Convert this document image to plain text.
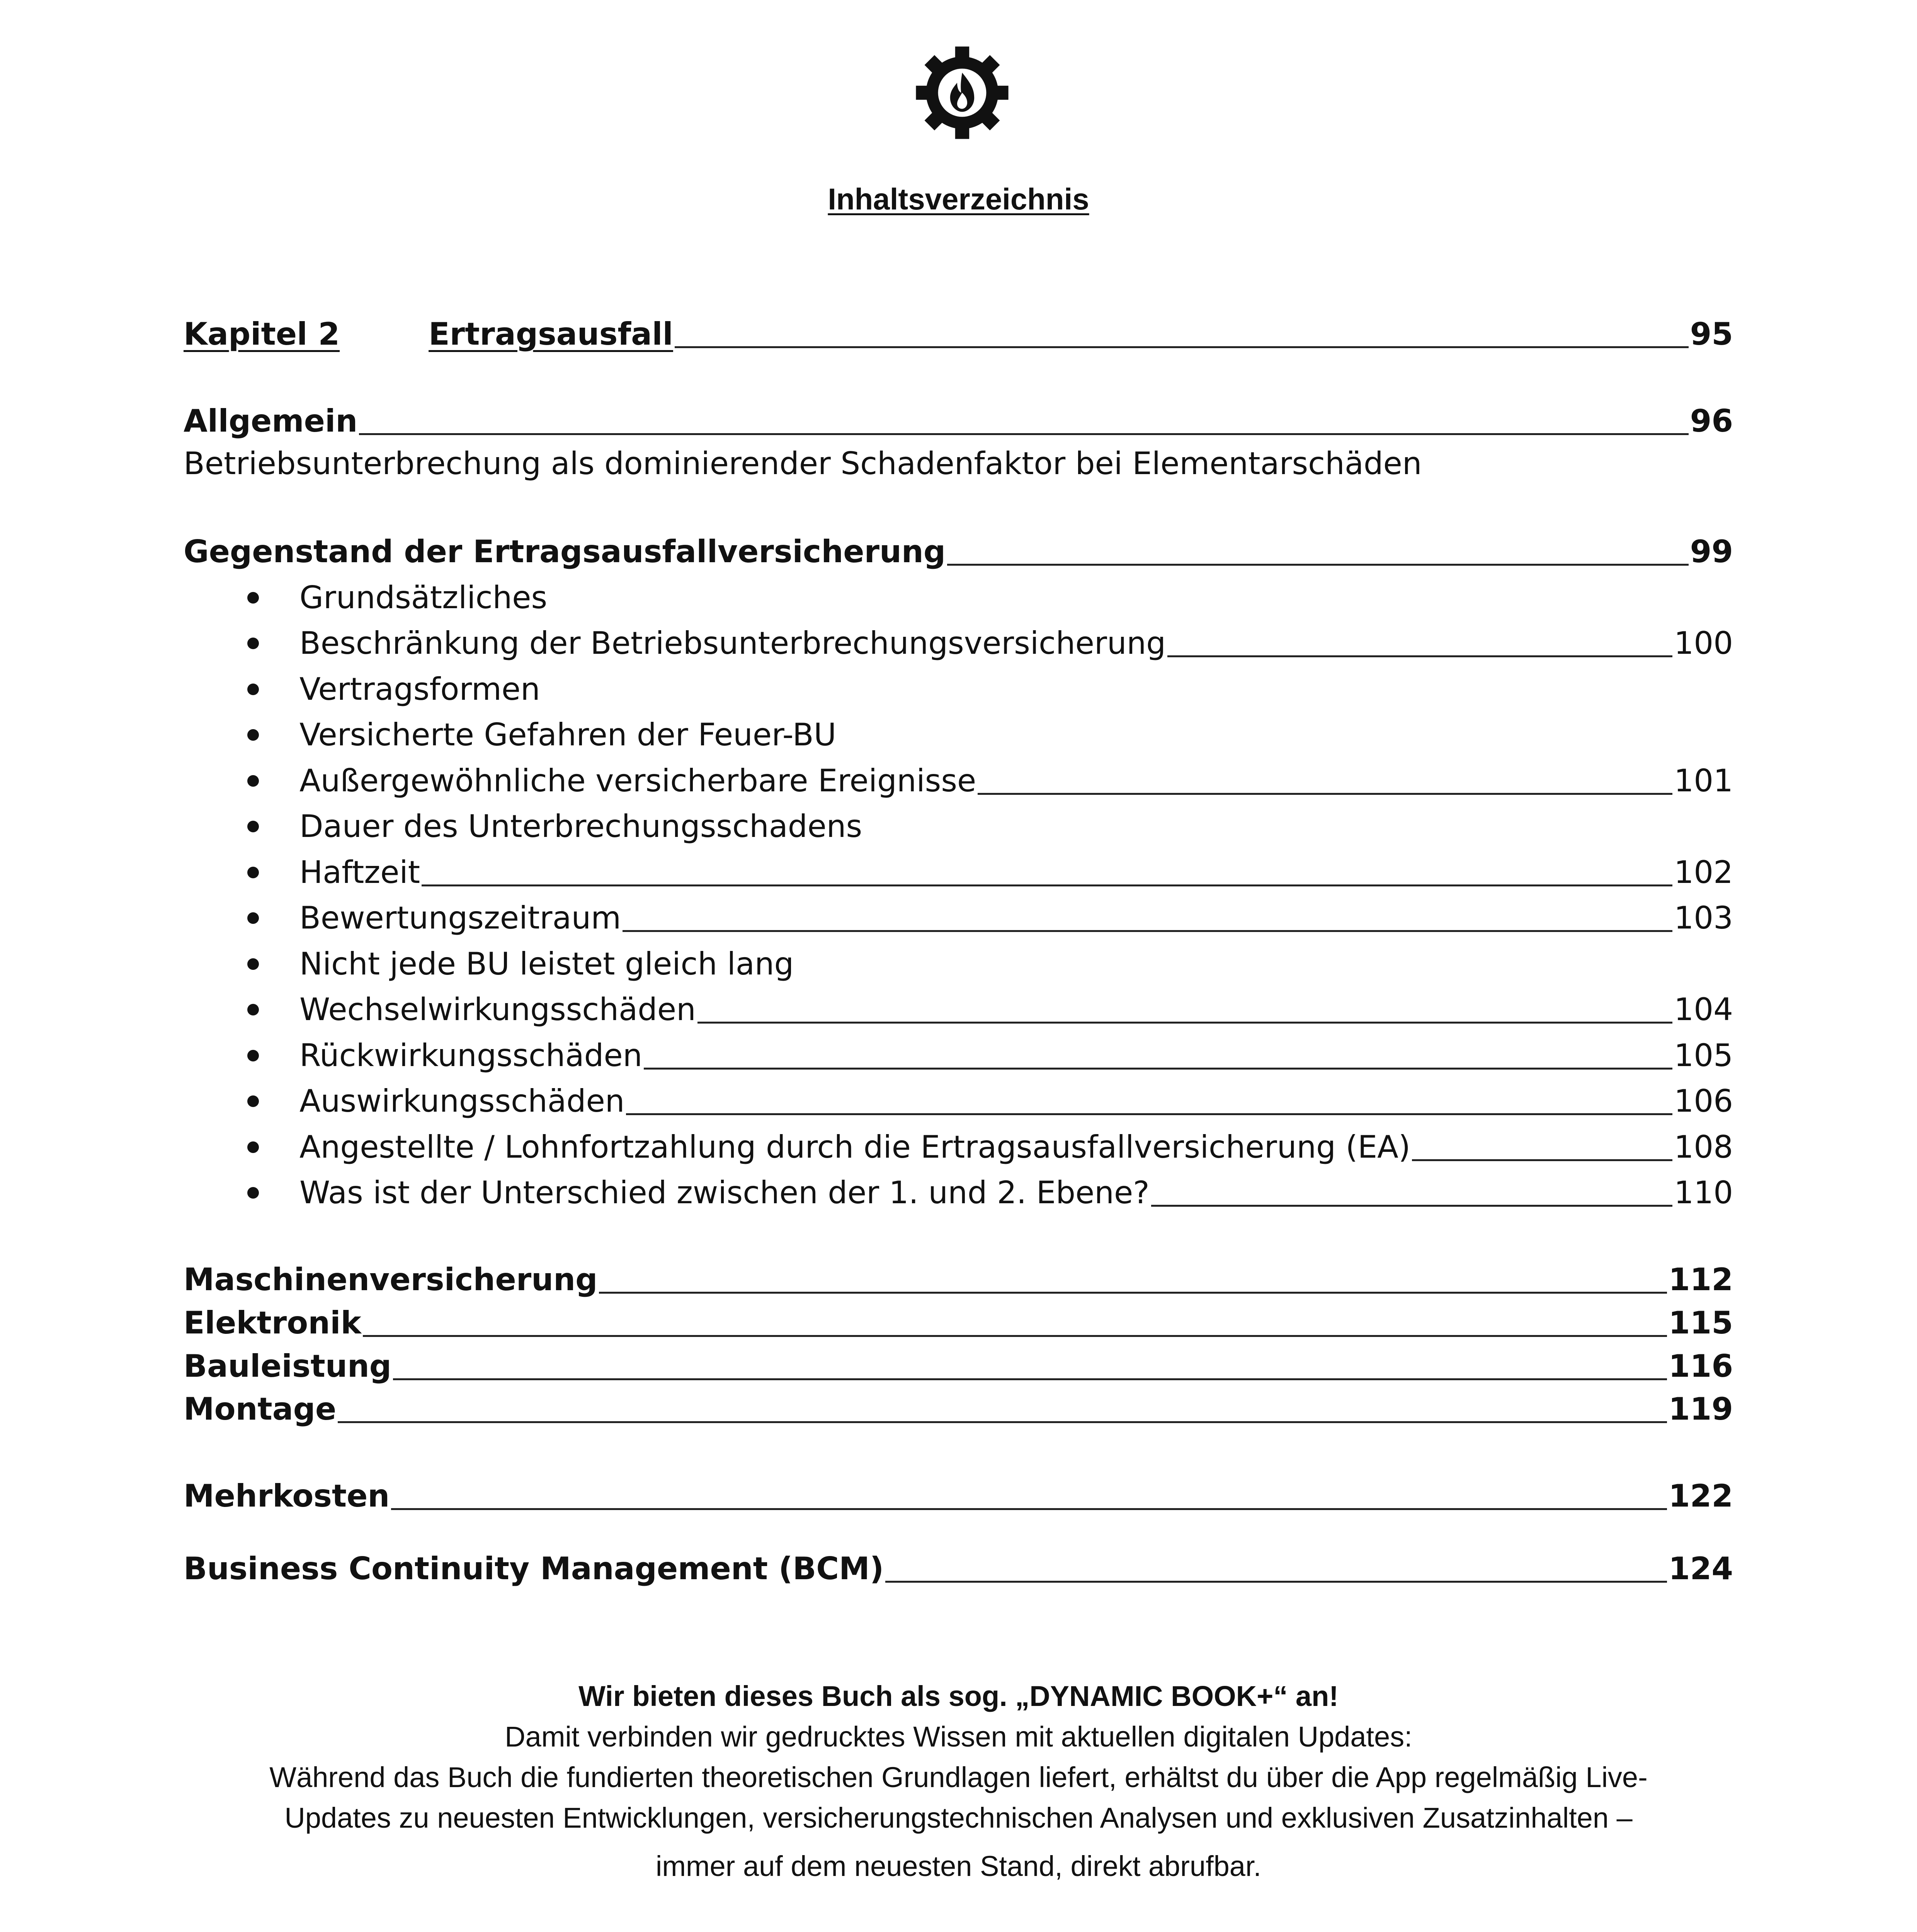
Inhaltsverzeichnis
Kapitel 2	Ertragsausfall	95
Allgemein	96
Betriebsunterbrechung als dominierender Schadenfaktor bei Elementarschäden
Gegenstand der Ertragsausfallversicherung	99
Grundsätzliches
Beschränkung der Betriebsunterbrechungsversicherung	100
Vertragsformen
Versicherte Gefahren der Feuer-BU
Außergewöhnliche versicherbare Ereignisse	101
Dauer des Unterbrechungsschadens
Haftzeit	102
Bewertungszeitraum	103
Nicht jede BU leistet gleich lang
Wechselwirkungsschäden	104
Rückwirkungsschäden	105
Auswirkungsschäden	106
Angestellte / Lohnfortzahlung durch die Ertragsausfallversicherung (EA)	108
Was ist der Unterschied zwischen der 1. und 2. Ebene?	110
Maschinenversicherung	112
Elektronik	115
Bauleistung	116
Montage	119
Mehrkosten	122
Business Continuity Management (BCM)	124
Wir bieten dieses Buch als sog. „DYNAMIC BOOK+“ an!
Damit verbinden wir gedrucktes Wissen mit aktuellen digitalen Updates:
Während das Buch die fundierten theoretischen Grundlagen liefert, erhältst du über die App regelmäßig Live-
Updates zu neuesten Entwicklungen, versicherungstechnischen Analysen und exklusiven Zusatzinhalten –
immer auf dem neuesten Stand, direkt abrufbar.
